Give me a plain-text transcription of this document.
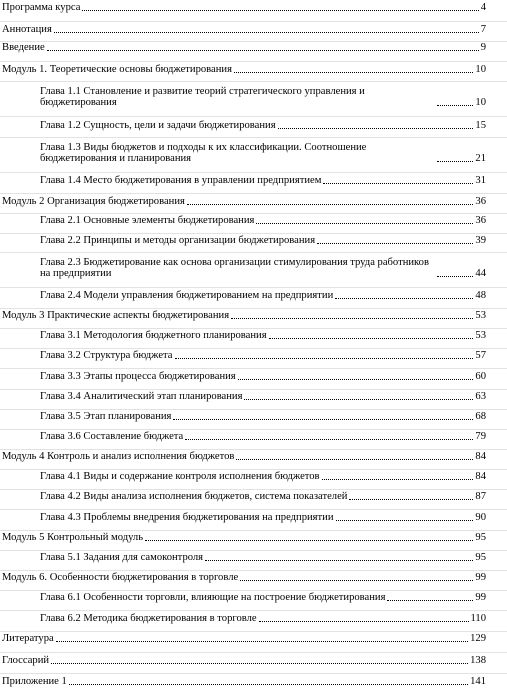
Программа курса	4
Аннотация	7
Введение	9
Модуль 1. Теоретические основы бюджетирования	10
Глава 1.1 Становление и развитие теорий стратегического управления и бюджетирования	10
Глава 1.2 Сущность, цели и задачи бюджетирования	15
Глава 1.3 Виды бюджетов и подходы к их классификации. Соотношение бюджетирования и планирования	21
Глава 1.4 Место бюджетирования в управлении предприятием	31
Модуль 2 Организация бюджетирования	36
Глава 2.1 Основные элементы бюджетирования	36
Глава 2.2 Принципы и методы организации бюджетирования	39
Глава 2.3 Бюджетирование как основа организации стимулирования труда работников на предприятии	44
Глава 2.4 Модели управления бюджетированием на предприятии	48
Модуль 3 Практические аспекты бюджетирования	53
Глава 3.1 Методология бюджетного планирования	53
Глава 3.2 Структура бюджета	57
Глава 3.3 Этапы процесса бюджетирования	60
Глава 3.4 Аналитический этап планирования	63
Глава 3.5 Этап планирования	68
Глава 3.6 Составление бюджета	79
Модуль 4 Контроль и анализ исполнения бюджетов	84
Глава 4.1 Виды и содержание контроля исполнения бюджетов	84
Глава 4.2 Виды анализа исполнения бюджетов, система показателей	87
Глава 4.3 Проблемы внедрения бюджетирования на предприятии	90
Модуль 5 Контрольный модуль	95
Глава 5.1 Задания для самоконтроля	95
Модуль 6. Особенности бюджетирования в торговле	99
Глава 6.1 Особенности торговли, влияющие на построение бюджетирования	99
Глава 6.2 Методика бюджетирования в торговле	110
Литература	129
Глоссарий	138
Приложение 1	141
